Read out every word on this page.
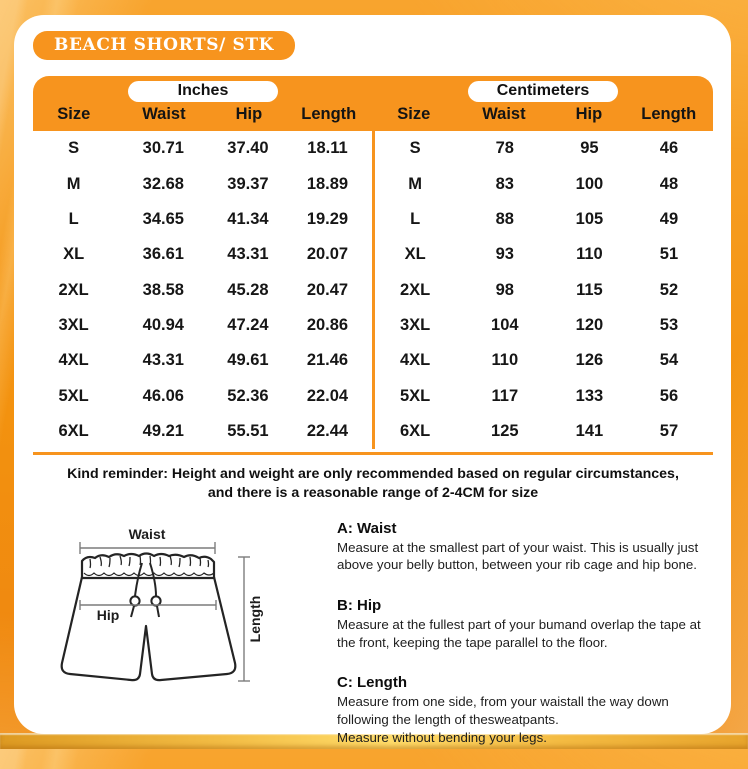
BEACH SHORTS/ STK
Inches
Size	Waist	Hip	Length
Centimeters
Size	Waist	Hip	Length
S	30.71	37.40	18.11
M	32.68	39.37	18.89
L	34.65	41.34	19.29
XL	36.61	43.31	20.07
2XL	38.58	45.28	20.47
3XL	40.94	47.24	20.86
4XL	43.31	49.61	21.46
5XL	46.06	52.36	22.04
6XL	49.21	55.51	22.44
S	78	95	46
M	83	100	48
L	88	105	49
XL	93	110	51
2XL	98	115	52
3XL	104	120	53
4XL	110	126	54
5XL	117	133	56
6XL	125	141	57
Kind reminder: Height and weight are only recommended based on regular circumstances,
and there is a reasonable range of 2-4CM for size
Waist
Length
Hip
A: Waist
Measure at the smallest part of your waist. This is usually just above your belly button, between your rib cage and hip bone.
B: Hip
Measure at the fullest part of your bumand overlap the tape at the front, keeping the tape parallel to the floor.
C: Length
Measure from one side, from your waistall the way down following the length of thesweatpants.
Measure without bending your legs.
